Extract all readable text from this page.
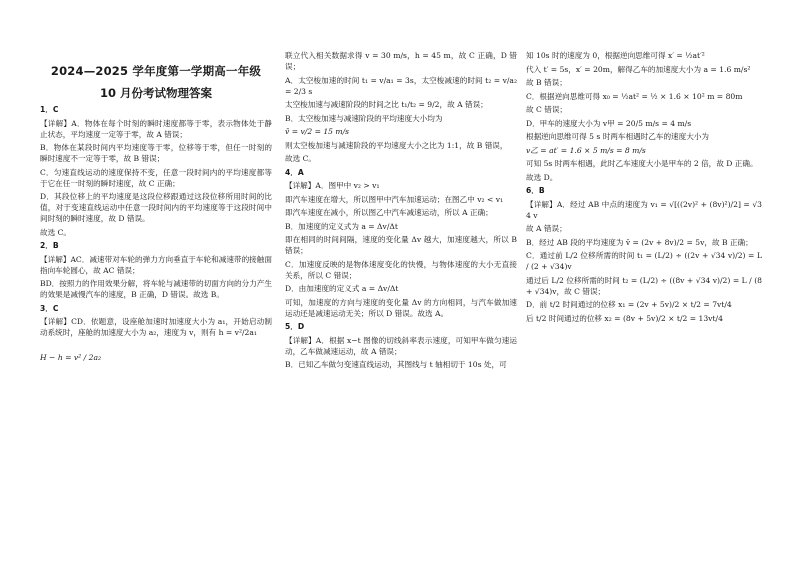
2024—2025 学年度第一学期高一年级
10 月份考试物理答案

1．C

【详解】A．物体在每个时刻的瞬时速度都等于零，表示物体处于静止状态，平均速度一定等于零，故 A 错误；

B．物体在某段时间内平均速度等于零，位移等于零，但任一时刻的瞬时速度不一定等于零，故 B 错误；

C．匀速直线运动的速度保持不变，任意一段时间内的平均速度都等于它在任一时刻的瞬时速度，故 C 正确；

D．其段位移上的平均速度是这段位移跟通过这段位移所用时间的比值，对于变速直线运动中任意一段时间内的平均速度等于这段时间中间时刻的瞬时速度，故 D 错误。

故选 C。

2．B

【详解】AC．减速带对车轮的弹力方向垂直于车轮和减速带的接触面指向车轮圆心，故 AC 错误；

BD．按照力的作用效果分解，将车轮与减速带的切面方向的分力产生的效果是减慢汽车的速度，B 正确，D 错误。故选 B。

3．C

【详解】CD．依题意，设座舱加速时加速度大小为 a₁，开始启动制动系统时，座舱的加速度大小为 a₂，速度为 v，则有 h = v²/2a₁

H − h = v² / 2a₂

联立代入相关数据求得 v = 30 m/s，h = 45 m，故 C 正确，D 错误；

A．太空梭加速的时间 t₁ = v/a₁ = 3s，太空梭减速的时间 t₂ = v/a₂ = 2/3 s

太空梭加速与减速阶段的时间之比 t₁/t₂ = 9/2，故 A 错误；

B．太空梭加速与减速阶段的平均速度大小均为

v̄ = v/2 = 15 m/s

则太空梭加速与减速阶段的平均速度大小之比为 1:1，故 B 错误，

故选 C。

4．A

【详解】A．图甲中 v₂ > v₁

即汽车速度在增大，所以图甲中汽车加速运动；在图乙中 v₂ < v₁

即汽车速度在减小，所以图乙中汽车减速运动，所以 A 正确；

B．加速度的定义式为 a = Δv/Δt

即在相同的时间间隔，速度的变化量 Δv 越大，加速度越大，所以 B 错误；

C．加速度反映的是物体速度变化的快慢，与物体速度的大小无直接关系，所以 C 错误；

D．由加速度的定义式 a = Δv/Δt

可知，加速度的方向与速度的变化量 Δv 的方向相同，与汽车做加速运动还是减速运动无关；所以 D 错误。故选 A。

5．D

【详解】A．根据 x−t 图像的切线斜率表示速度，可知甲车做匀速运动，乙车做减速运动，故 A 错误；

B．已知乙车做匀变速直线运动，其图线与 t 轴相切于 10s 处，可

知 10s 时的速度为 0，根据逆向思维可得 x′ = ½at′²

代入 t′ = 5s，x′ = 20m，解得乙车的加速度大小为 a = 1.6 m/s²

故 B 错误；

C．根据逆向思维可得 x₀ = ½at² = ½ × 1.6 × 10² m = 80m

故 C 错误；

D．甲车的速度大小为 v甲 = 20/5 m/s = 4 m/s

根据逆向思维可得 5 s 时两车相遇时乙车的速度大小为

v乙 = at′ = 1.6 × 5 m/s = 8 m/s

可知 5s 时两车相遇，此时乙车速度大小是甲车的 2 倍，故 D 正确。

故选 D。

6．B

【详解】A．经过 AB 中点的速度为 v₁ = √[((2v)² + (8v)²)/2] = √34 v

故 A 错误；

B．经过 AB 段的平均速度为 v̄ = (2v + 8v)/2 = 5v，故 B 正确；

C．通过前 L/2 位移所需的时间 t₁ = (L/2) ÷ ((2v + √34 v)/2) = L / (2 + √34)v

通过后 L/2 位移所需的时间 t₂ = (L/2) ÷ ((8v + √34 v)/2) = L / (8 + √34)v，故 C 错误；

D．前 t/2 时间通过的位移 x₁ = (2v + 5v)/2 × t/2 = 7vt/4

后 t/2 时间通过的位移 x₂ = (8v + 5v)/2 × t/2 = 13vt/4
